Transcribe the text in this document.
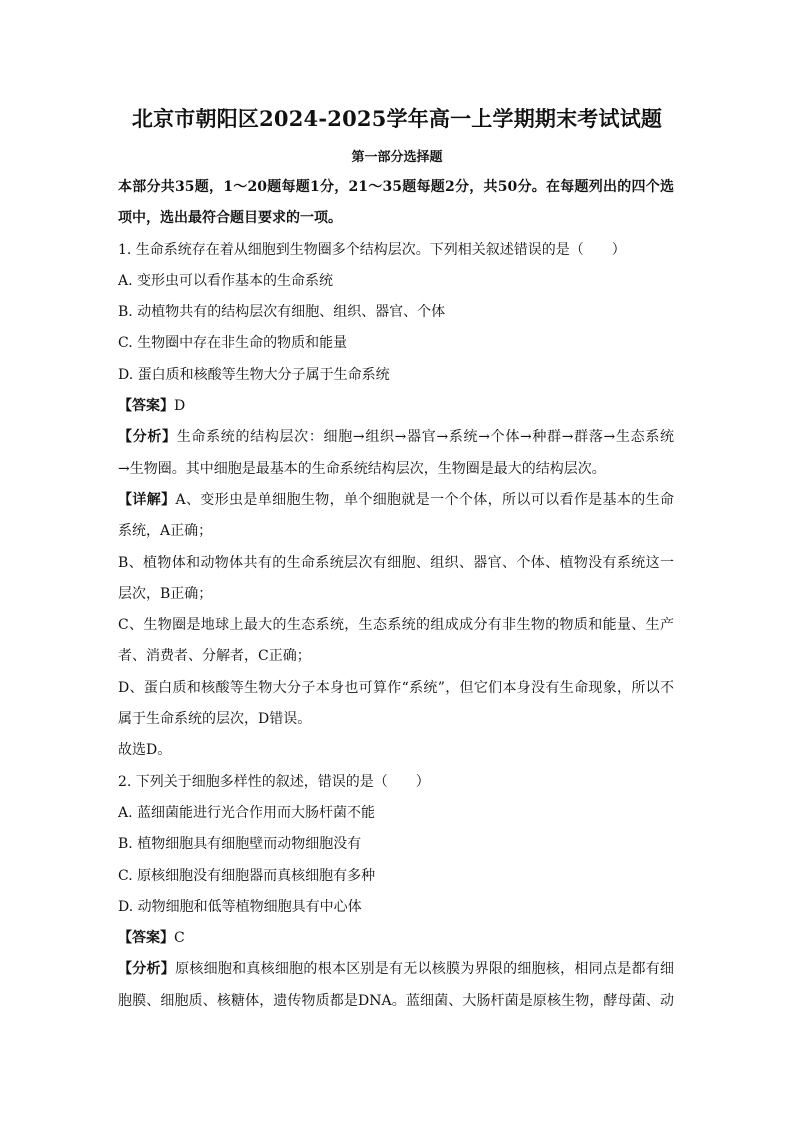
北京市朝阳区2024-2025学年高一上学期期末考试试题
第一部分选择题
本部分共35题，1～20题每题1分，21～35题每题2分，共50分。在每题列出的四个选
项中，选出最符合题目要求的一项。
1. 生命系统存在着从细胞到生物圈多个结构层次。下列相关叙述错误的是（　　）
A. 变形虫可以看作基本的生命系统
B. 动植物共有的结构层次有细胞、组织、器官、个体
C. 生物圈中存在非生命的物质和能量
D. 蛋白质和核酸等生物大分子属于生命系统
【答案】D
【分析】生命系统的结构层次：细胞→组织→器官→系统→个体→种群→群落→生态系统
→生物圈。其中细胞是最基本的生命系统结构层次，生物圈是最大的结构层次。
【详解】A、变形虫是单细胞生物，单个细胞就是一个个体，所以可以看作是基本的生命
系统，A正确；
B、植物体和动物体共有的生命系统层次有细胞、组织、器官、个体、植物没有系统这一
层次，B正确；
C、生物圈是地球上最大的生态系统，生态系统的组成成分有非生物的物质和能量、生产
者、消费者、分解者，C正确；
D、蛋白质和核酸等生物大分子本身也可算作“系统”，但它们本身没有生命现象，所以不
属于生命系统的层次，D错误。
故选D。
2. 下列关于细胞多样性的叙述，错误的是（　　）
A. 蓝细菌能进行光合作用而大肠杆菌不能
B. 植物细胞具有细胞壁而动物细胞没有
C. 原核细胞没有细胞器而真核细胞有多种
D. 动物细胞和低等植物细胞具有中心体
【答案】C
【分析】原核细胞和真核细胞的根本区别是有无以核膜为界限的细胞核，相同点是都有细
胞膜、细胞质、核糖体，遗传物质都是DNA。蓝细菌、大肠杆菌是原核生物，酵母菌、动
